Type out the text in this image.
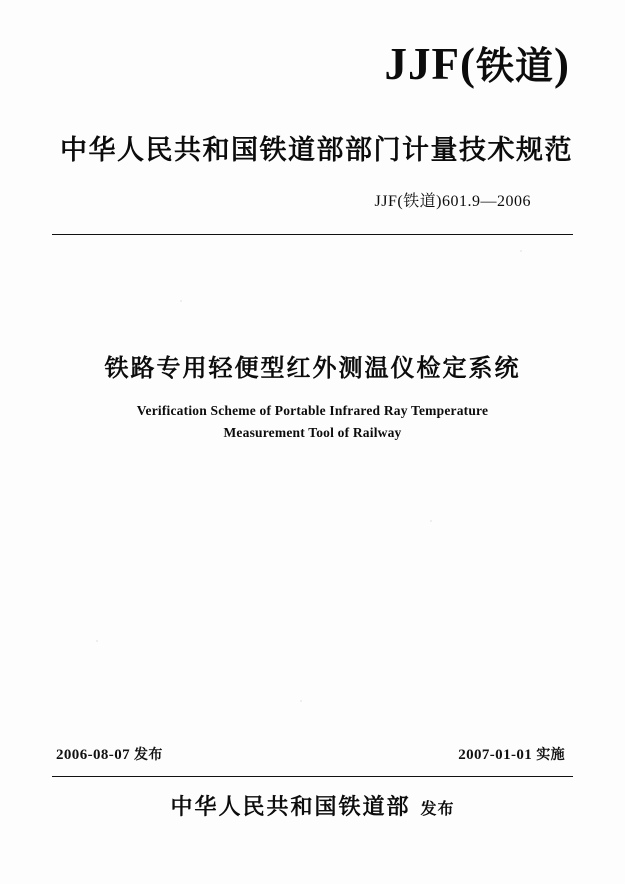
JJF(铁道)
中华人民共和国铁道部部门计量技术规范
JJF(铁道)601.9—2006
铁路专用轻便型红外测温仪检定系统
Verification Scheme of Portable Infrared Ray Temperature
Measurement Tool of Railway
2006-08-07 发布	2007-01-01 实施
中华人民共和国铁道部 发布
